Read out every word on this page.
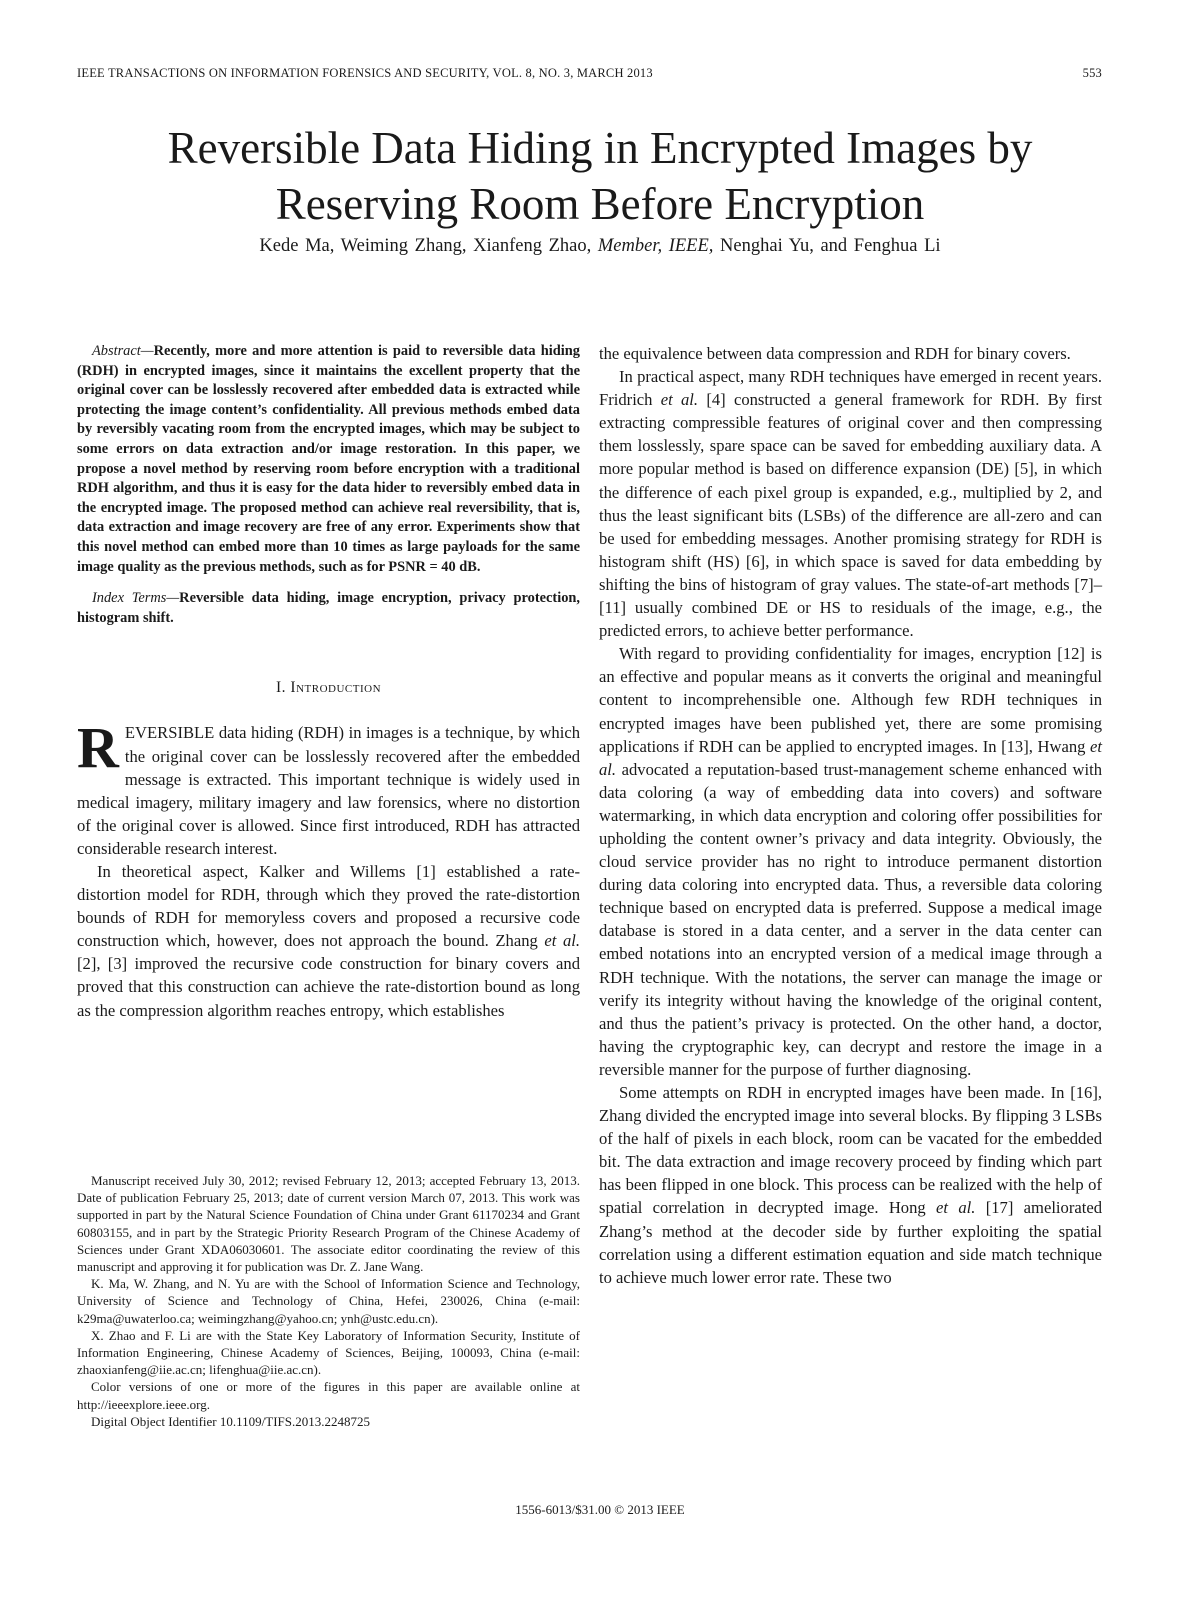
IEEE TRANSACTIONS ON INFORMATION FORENSICS AND SECURITY, VOL. 8, NO. 3, MARCH 2013	553
Reversible Data Hiding in Encrypted Images by
Reserving Room Before Encryption
Kede Ma, Weiming Zhang, Xianfeng Zhao, Member, IEEE, Nenghai Yu, and Fenghua Li

Abstract—Recently, more and more attention is paid to reversible data hiding (RDH) in encrypted images, since it maintains the excellent property that the original cover can be losslessly recovered after embedded data is extracted while protecting the image content’s confidentiality. All previous methods embed data by reversibly vacating room from the encrypted images, which may be subject to some errors on data extraction and/or image restoration. In this paper, we propose a novel method by reserving room before encryption with a traditional RDH algorithm, and thus it is easy for the data hider to reversibly embed data in the encrypted image. The proposed method can achieve real reversibility, that is, data extraction and image recovery are free of any error. Experiments show that this novel method can embed more than 10 times as large payloads for the same image quality as the previous methods, such as for PSNR = 40 dB.

Index Terms—Reversible data hiding, image encryption, privacy protection, histogram shift.

I. Introduction

REVERSIBLE data hiding (RDH) in images is a technique, by which the original cover can be losslessly recovered after the embedded message is extracted. This important technique is widely used in medical imagery, military imagery and law forensics, where no distortion of the original cover is allowed. Since first introduced, RDH has attracted considerable research interest.

In theoretical aspect, Kalker and Willems [1] established a rate-distortion model for RDH, through which they proved the rate-distortion bounds of RDH for memoryless covers and proposed a recursive code construction which, however, does not approach the bound. Zhang et al. [2], [3] improved the recursive code construction for binary covers and proved that this construction can achieve the rate-distortion bound as long as the compression algorithm reaches entropy, which establishes

Manuscript received July 30, 2012; revised February 12, 2013; accepted February 13, 2013. Date of publication February 25, 2013; date of current version March 07, 2013. This work was supported in part by the Natural Science Foundation of China under Grant 61170234 and Grant 60803155, and in part by the Strategic Priority Research Program of the Chinese Academy of Sciences under Grant XDA06030601. The associate editor coordinating the review of this manuscript and approving it for publication was Dr. Z. Jane Wang.

K. Ma, W. Zhang, and N. Yu are with the School of Information Science and Technology, University of Science and Technology of China, Hefei, 230026, China (e-mail: k29ma@uwaterloo.ca; weimingzhang@yahoo.cn; ynh@ustc.edu.cn).

X. Zhao and F. Li are with the State Key Laboratory of Information Security, Institute of Information Engineering, Chinese Academy of Sciences, Beijing, 100093, China (e-mail: zhaoxianfeng@iie.ac.cn; lifenghua@iie.ac.cn).

Color versions of one or more of the figures in this paper are available online at http://ieeexplore.ieee.org.

Digital Object Identifier 10.1109/TIFS.2013.2248725

the equivalence between data compression and RDH for binary covers.

In practical aspect, many RDH techniques have emerged in recent years. Fridrich et al. [4] constructed a general framework for RDH. By first extracting compressible features of original cover and then compressing them losslessly, spare space can be saved for embedding auxiliary data. A more popular method is based on difference expansion (DE) [5], in which the difference of each pixel group is expanded, e.g., multiplied by 2, and thus the least significant bits (LSBs) of the difference are all-zero and can be used for embedding messages. Another promising strategy for RDH is histogram shift (HS) [6], in which space is saved for data embedding by shifting the bins of histogram of gray values. The state-of-art methods [7]–[11] usually combined DE or HS to residuals of the image, e.g., the predicted errors, to achieve better performance.

With regard to providing confidentiality for images, encryption [12] is an effective and popular means as it converts the original and meaningful content to incomprehensible one. Although few RDH techniques in encrypted images have been published yet, there are some promising applications if RDH can be applied to encrypted images. In [13], Hwang et al. advocated a reputation-based trust-management scheme enhanced with data coloring (a way of embedding data into covers) and software watermarking, in which data encryption and coloring offer possibilities for upholding the content owner’s privacy and data integrity. Obviously, the cloud service provider has no right to introduce permanent distortion during data coloring into encrypted data. Thus, a reversible data coloring technique based on encrypted data is preferred. Suppose a medical image database is stored in a data center, and a server in the data center can embed notations into an encrypted version of a medical image through a RDH technique. With the notations, the server can manage the image or verify its integrity without having the knowledge of the original content, and thus the patient’s privacy is protected. On the other hand, a doctor, having the cryptographic key, can decrypt and restore the image in a reversible manner for the purpose of further diagnosing.

Some attempts on RDH in encrypted images have been made. In [16], Zhang divided the encrypted image into several blocks. By flipping 3 LSBs of the half of pixels in each block, room can be vacated for the embedded bit. The data extraction and image recovery proceed by finding which part has been flipped in one block. This process can be realized with the help of spatial correlation in decrypted image. Hong et al. [17] ameliorated Zhang’s method at the decoder side by further exploiting the spatial correlation using a different estimation equation and side match technique to achieve much lower error rate. These two

1556-6013/$31.00 © 2013 IEEE
